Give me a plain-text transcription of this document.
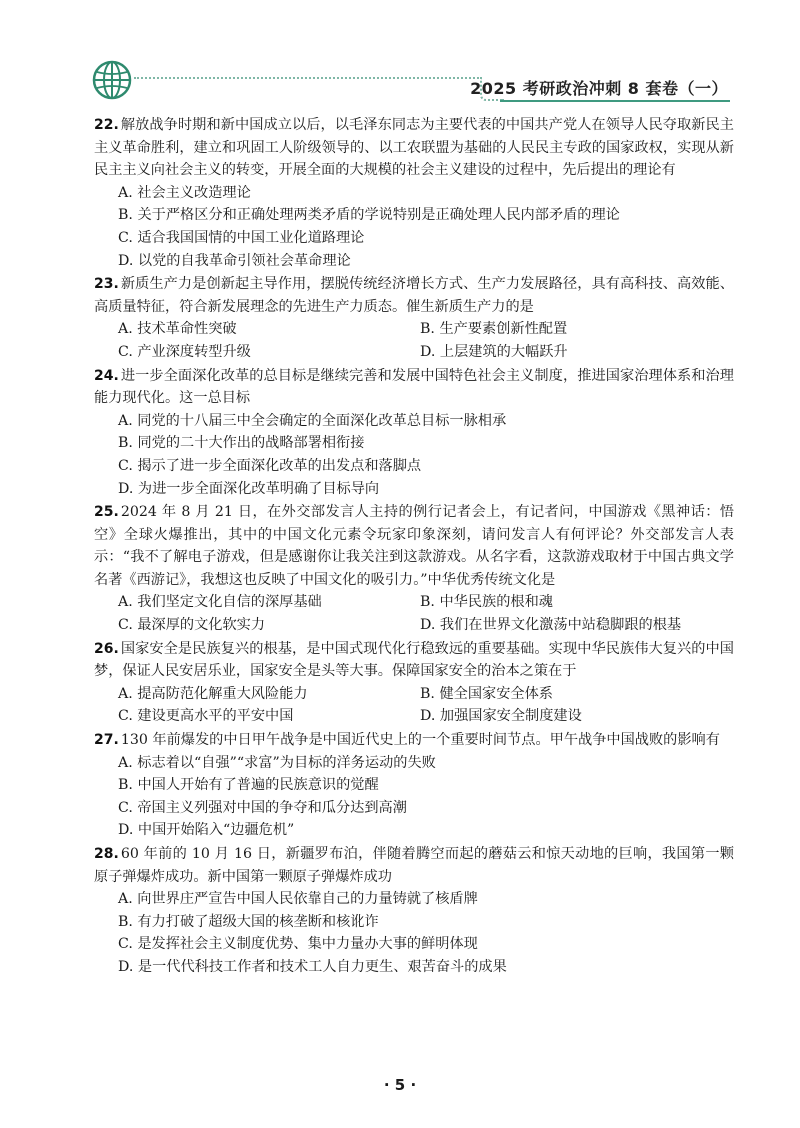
2025 考研政治冲刺 8 套卷（一）
22. 解放战争时期和新中国成立以后，以毛泽东同志为主要代表的中国共产党人在领导人民夺取新民主主义革命胜利，建立和巩固工人阶级领导的、以工农联盟为基础的人民民主专政的国家政权，实现从新民主主义向社会主义的转变，开展全面的大规模的社会主义建设的过程中，先后提出的理论有
A. 社会主义改造理论
B. 关于严格区分和正确处理两类矛盾的学说特别是正确处理人民内部矛盾的理论
C. 适合我国国情的中国工业化道路理论
D. 以党的自我革命引领社会革命理论
23. 新质生产力是创新起主导作用，摆脱传统经济增长方式、生产力发展路径，具有高科技、高效能、高质量特征，符合新发展理念的先进生产力质态。催生新质生产力的是
A. 技术革命性突破	B. 生产要素创新性配置
C. 产业深度转型升级	D. 上层建筑的大幅跃升
24. 进一步全面深化改革的总目标是继续完善和发展中国特色社会主义制度，推进国家治理体系和治理能力现代化。这一总目标
A. 同党的十八届三中全会确定的全面深化改革总目标一脉相承
B. 同党的二十大作出的战略部署相衔接
C. 揭示了进一步全面深化改革的出发点和落脚点
D. 为进一步全面深化改革明确了目标导向
25. 2024 年 8 月 21 日，在外交部发言人主持的例行记者会上，有记者问，中国游戏《黑神话：悟空》全球火爆推出，其中的中国文化元素令玩家印象深刻，请问发言人有何评论？外交部发言人表示：“我不了解电子游戏，但是感谢你让我关注到这款游戏。从名字看，这款游戏取材于中国古典文学名著《西游记》，我想这也反映了中国文化的吸引力。”中华优秀传统文化是
A. 我们坚定文化自信的深厚基础	B. 中华民族的根和魂
C. 最深厚的文化软实力	D. 我们在世界文化激荡中站稳脚跟的根基
26. 国家安全是民族复兴的根基，是中国式现代化行稳致远的重要基础。实现中华民族伟大复兴的中国梦，保证人民安居乐业，国家安全是头等大事。保障国家安全的治本之策在于
A. 提高防范化解重大风险能力	B. 健全国家安全体系
C. 建设更高水平的平安中国	D. 加强国家安全制度建设
27. 130 年前爆发的中日甲午战争是中国近代史上的一个重要时间节点。甲午战争中国战败的影响有
A. 标志着以“自强”“求富”为目标的洋务运动的失败
B. 中国人开始有了普遍的民族意识的觉醒
C. 帝国主义列强对中国的争夺和瓜分达到高潮
D. 中国开始陷入“边疆危机”
28. 60 年前的 10 月 16 日，新疆罗布泊，伴随着腾空而起的蘑菇云和惊天动地的巨响，我国第一颗原子弹爆炸成功。新中国第一颗原子弹爆炸成功
A. 向世界庄严宣告中国人民依靠自己的力量铸就了核盾牌
B. 有力打破了超级大国的核垄断和核讹诈
C. 是发挥社会主义制度优势、集中力量办大事的鲜明体现
D. 是一代代科技工作者和技术工人自力更生、艰苦奋斗的成果
· 5 ·
